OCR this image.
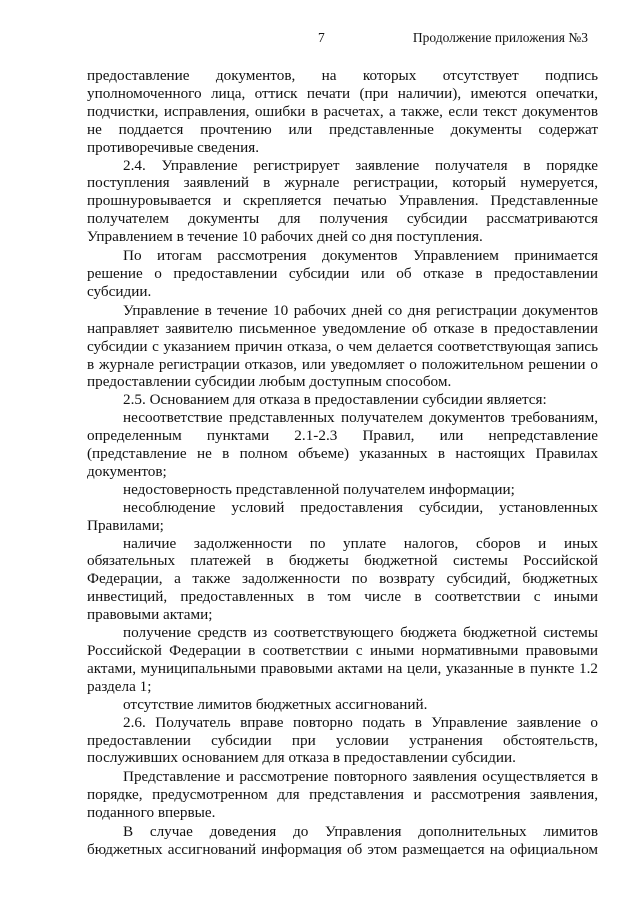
7	Продолжение приложения №3
предоставление документов, на которых отсутствует подпись
уполномоченного лица, оттиск печати (при наличии), имеются опечатки,
подчистки, исправления, ошибки в расчетах, а также, если текст документов
не поддается прочтению или представленные документы содержат
противоречивые сведения.
2.4. Управление регистрирует заявление получателя в порядке
поступления заявлений в журнале регистрации, который нумеруется,
прошнуровывается и скрепляется печатью Управления. Представленные
получателем документы для получения субсидии рассматриваются
Управлением в течение 10 рабочих дней со дня поступления.
По итогам рассмотрения документов Управлением принимается
решение о предоставлении субсидии или об отказе в предоставлении
субсидии.
Управление в течение 10 рабочих дней со дня регистрации документов
направляет заявителю письменное уведомление об отказе в предоставлении
субсидии с указанием причин отказа, о чем делается соответствующая запись
в журнале регистрации отказов, или уведомляет о положительном решении о
предоставлении субсидии любым доступным способом.
2.5. Основанием для отказа в предоставлении субсидии является:
несоответствие представленных получателем документов требованиям,
определенным пунктами 2.1-2.3 Правил, или непредставление
(представление не в полном объеме) указанных в настоящих Правилах
документов;
недостоверность представленной получателем информации;
несоблюдение условий предоставления субсидии, установленных
Правилами;
наличие задолженности по уплате налогов, сборов и иных
обязательных платежей в бюджеты бюджетной системы Российской
Федерации, а также задолженности по возврату субсидий, бюджетных
инвестиций, предоставленных в том числе в соответствии с иными
правовыми актами;
получение средств из соответствующего бюджета бюджетной системы
Российской Федерации в соответствии с иными нормативными правовыми
актами, муниципальными правовыми актами на цели, указанные в пункте 1.2
раздела 1;
отсутствие лимитов бюджетных ассигнований.
2.6. Получатель вправе повторно подать в Управление заявление о
предоставлении субсидии при условии устранения обстоятельств,
послуживших основанием для отказа в предоставлении субсидии.
Представление и рассмотрение повторного заявления осуществляется в
порядке, предусмотренном для представления и рассмотрения заявления,
поданного впервые.
В случае доведения до Управления дополнительных лимитов
бюджетных ассигнований информация об этом размещается на официальном
